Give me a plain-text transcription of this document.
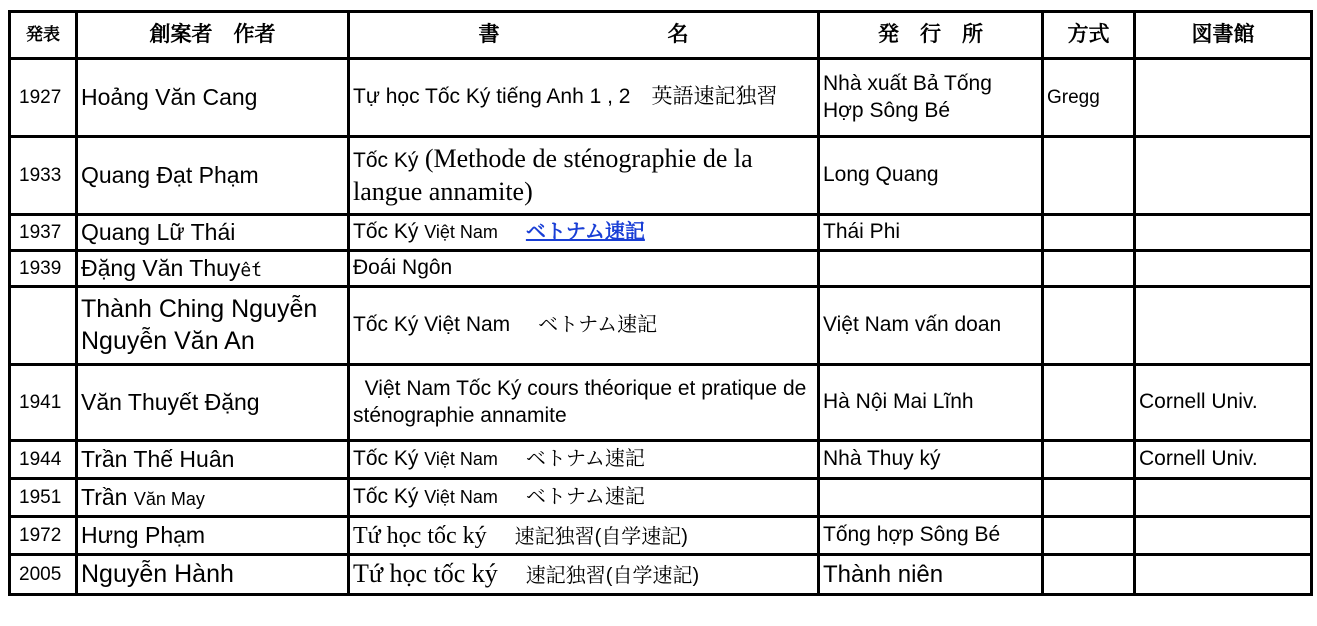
発表	創案者　作者	書　　　　　　　　名	発　行　所	方式	図書館
1927	Hoảng Văn Cang	Tự học Tốc Ký tiếng Anh 1 , 2　英語速記独習	Nhà xuất Bả Tống Hợp Sông Bé	Gregg	
1933	Quang Đạt Phạm	Tốc Ký (Methode de sténographie de la langue annamite)	Long Quang		
1937	Quang Lữ Thái	Tốc Ký Việt Nam ベトナム速記	Thái Phi		
1939	Đặng Văn Thuyết	Đoái Ngôn			
	Thành Ching Nguyễn Nguyễn Văn An	Tốc Ký Việt Nam ベトナム速記	Việt Nam vấn doan		
1941	Văn Thuyết Đặng	Việt Nam Tốc Ký cours théorique et pratique de sténographie annamite	Hà Nội Mai Lĩnh		Cornell Univ.
1944	Trần Thế Huân	Tốc Ký Việt Nam ベトナム速記	Nhà Thuy ký		Cornell Univ.
1951	Trần Văn May	Tốc Ký Việt Nam ベトナム速記			
1972	Hưng Phạm	Tứ học tốc ký 速記独習(自学速記)	Tống hợp Sông Bé		
2005	Nguyễn Hành	Tứ học tốc ký 速記独習(自学速記)	Thành niên		
